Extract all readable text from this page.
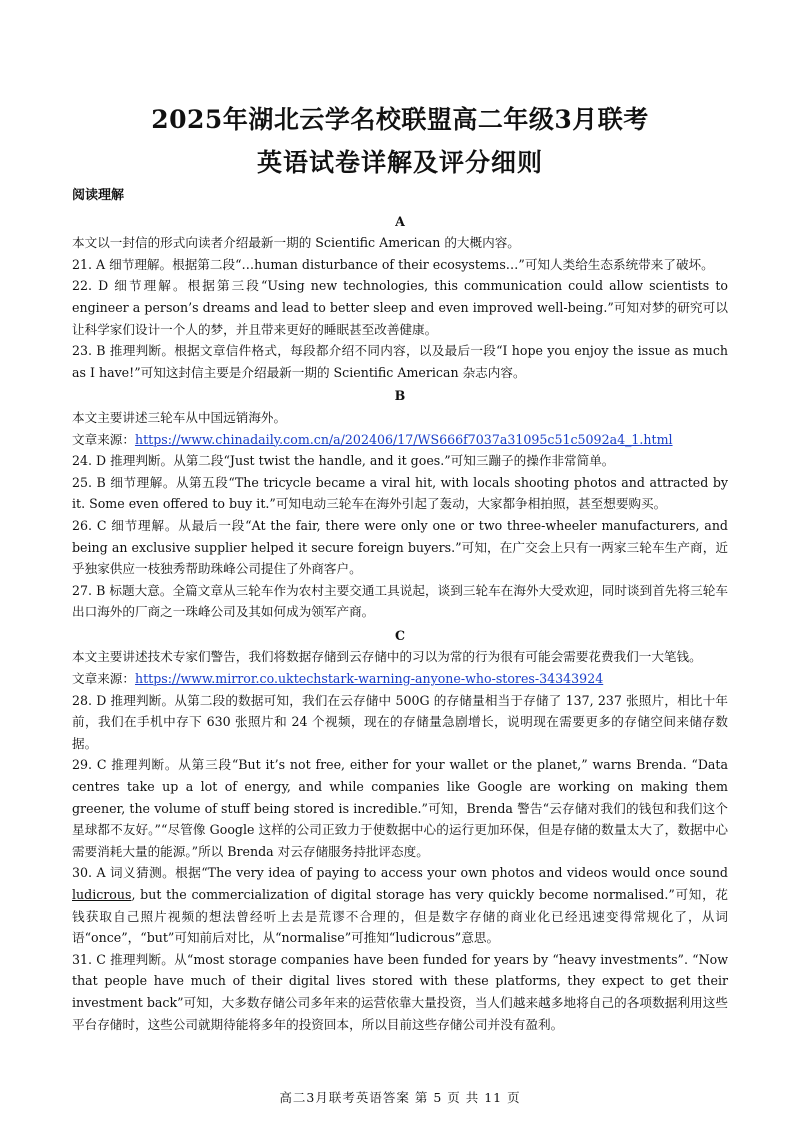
2025年湖北云学名校联盟高二年级3月联考
英语试卷详解及评分细则
阅读理解
A

本文以一封信的形式向读者介绍最新一期的 Scientific American 的大概内容。

21. A 细节理解。根据第二段“…human disturbance of their ecosystems…”可知人类给生态系统带来了破坏。

22. D 细节理解。根据第三段“Using new technologies, this communication could allow scientists to engineer a person’s dreams and lead to better sleep and even improved well-being.”可知对梦的研究可以让科学家们设计一个人的梦，并且带来更好的睡眠甚至改善健康。

23. B 推理判断。根据文章信件格式，每段都介绍不同内容，以及最后一段“I hope you enjoy the issue as much as I have!”可知这封信主要是介绍最新一期的 Scientific American 杂志内容。

B

本文主要讲述三轮车从中国远销海外。

文章来源：https://www.chinadaily.com.cn/a/202406/17/WS666f7037a31095c51c5092a4_1.html

24. D 推理判断。从第二段“Just twist the handle, and it goes.”可知三蹦子的操作非常简单。

25. B 细节理解。从第五段“The tricycle became a viral hit, with locals shooting photos and attracted by it. Some even offered to buy it.”可知电动三轮车在海外引起了轰动，大家都争相拍照，甚至想要购买。

26. C 细节理解。从最后一段“At the fair, there were only one or two three-wheeler manufacturers, and being an exclusive supplier helped it secure foreign buyers.”可知，在广交会上只有一两家三轮车生产商，近乎独家供应一枝独秀帮助珠峰公司提住了外商客户。

27. B 标题大意。全篇文章从三轮车作为农村主要交通工具说起，谈到三轮车在海外大受欢迎，同时谈到首先将三轮车出口海外的厂商之一珠峰公司及其如何成为领军产商。

C

本文主要讲述技术专家们警告，我们将数据存储到云存储中的习以为常的行为很有可能会需要花费我们一大笔钱。

文章来源：https://www.mirror.co.uktechstark-warning-anyone-who-stores-34343924

28. D 推理判断。从第二段的数据可知，我们在云存储中 500G 的存储量相当于存储了 137, 237 张照片，相比十年前，我们在手机中存下 630 张照片和 24 个视频，现在的存储量急剧增长，说明现在需要更多的存储空间来储存数据。

29. C 推理判断。从第三段“But it’s not free, either for your wallet or the planet,” warns Brenda. “Data centres take up a lot of energy, and while companies like Google are working on making them greener, the volume of stuff being stored is incredible.”可知，Brenda 警告“云存储对我们的钱包和我们这个星球都不友好。”“尽管像 Google 这样的公司正致力于使数据中心的运行更加环保，但是存储的数量太大了，数据中心需要消耗大量的能源。”所以 Brenda 对云存储服务持批评态度。

30. A 词义猜测。根据“The very idea of paying to access your own photos and videos would once sound ludicrous, but the commercialization of digital storage has very quickly become normalised.”可知，花钱获取自己照片视频的想法曾经听上去是荒谬不合理的，但是数字存储的商业化已经迅速变得常规化了，从词语“once”，“but”可知前后对比，从“normalise”可推知“ludicrous”意思。

31. C 推理判断。从“most storage companies have been funded for years by “heavy investments”. “Now that people have much of their digital lives stored with these platforms, they expect to get their investment back”可知，大多数存储公司多年来的运营依靠大量投资，当人们越来越多地将自己的各项数据利用这些平台存储时，这些公司就期待能将多年的投资回本，所以目前这些存储公司并没有盈利。

高二3月联考英语答案 第 5 页 共 11 页
